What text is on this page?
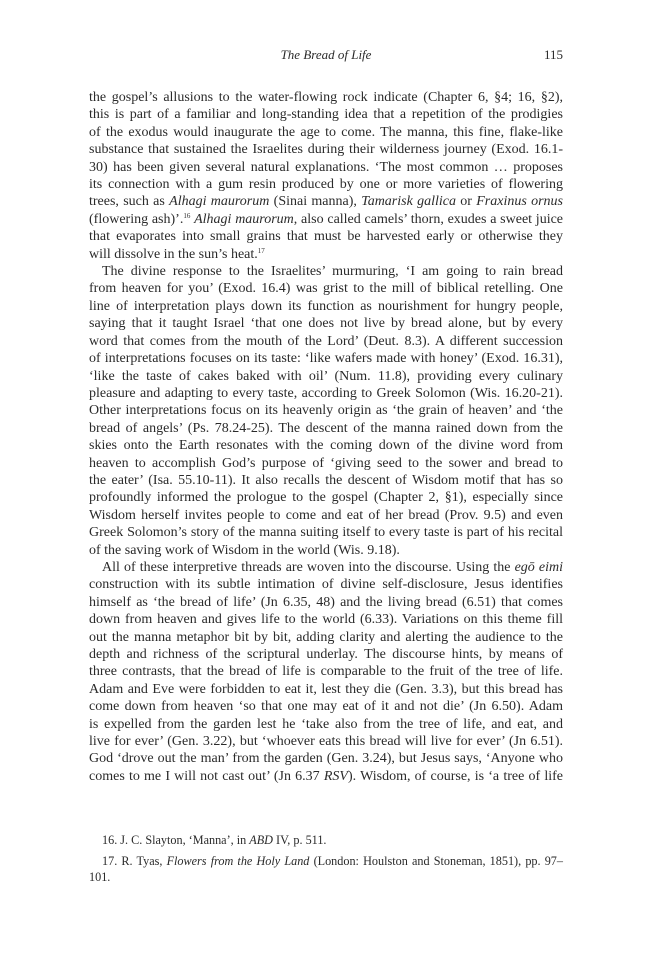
The Bread of Life	115
the gospel’s allusions to the water-flowing rock indicate (Chapter 6, §4; 16, §2),
this is part of a familiar and long-standing idea that a repetition of the prodigies
of the exodus would inaugurate the age to come. The manna, this fine, flake-like
substance that sustained the Israelites during their wilderness journey (Exod. 16.1-
30) has been given several natural explanations. ‘The most common … proposes
its connection with a gum resin produced by one or more varieties of flowering
trees, such as Alhagi maurorum (Sinai manna), Tamarisk gallica or Fraxinus ornus
(flowering ash)’.$^{16}$ Alhagi maurorum, also called camels’ thorn, exudes a sweet juice
that evaporates into small grains that must be harvested early or otherwise they
will dissolve in the sun’s heat.$^{17}$
The divine response to the Israelites’ murmuring, ‘I am going to rain bread
from heaven for you’ (Exod. 16.4) was grist to the mill of biblical retelling. One
line of interpretation plays down its function as nourishment for hungry people,
saying that it taught Israel ‘that one does not live by bread alone, but by every
word that comes from the mouth of the Lord’ (Deut. 8.3). A different succession
of interpretations focuses on its taste: ‘like wafers made with honey’ (Exod. 16.31),
‘like the taste of cakes baked with oil’ (Num. 11.8), providing every culinary
pleasure and adapting to every taste, according to Greek Solomon (Wis. 16.20-21).
Other interpretations focus on its heavenly origin as ‘the grain of heaven’ and ‘the
bread of angels’ (Ps. 78.24-25). The descent of the manna rained down from the
skies onto the Earth resonates with the coming down of the divine word from
heaven to accomplish God’s purpose of ‘giving seed to the sower and bread to
the eater’ (Isa. 55.10-11). It also recalls the descent of Wisdom motif that has so
profoundly informed the prologue to the gospel (Chapter 2, §1), especially since
Wisdom herself invites people to come and eat of her bread (Prov. 9.5) and even
Greek Solomon’s story of the manna suiting itself to every taste is part of his recital
of the saving work of Wisdom in the world (Wis. 9.18).
All of these interpretive threads are woven into the discourse. Using the egō eimi
construction with its subtle intimation of divine self-disclosure, Jesus identifies
himself as ‘the bread of life’ (Jn 6.35, 48) and the living bread (6.51) that comes
down from heaven and gives life to the world (6.33). Variations on this theme fill
out the manna metaphor bit by bit, adding clarity and alerting the audience to the
depth and richness of the scriptural underlay. The discourse hints, by means of
three contrasts, that the bread of life is comparable to the fruit of the tree of life.
Adam and Eve were forbidden to eat it, lest they die (Gen. 3.3), but this bread has
come down from heaven ‘so that one may eat of it and not die’ (Jn 6.50). Adam
is expelled from the garden lest he ‘take also from the tree of life, and eat, and
live for ever’ (Gen. 3.22), but ‘whoever eats this bread will live for ever’ (Jn 6.51).
God ‘drove out the man’ from the garden (Gen. 3.24), but Jesus says, ‘Anyone who
comes to me I will not cast out’ (Jn 6.37 RSV). Wisdom, of course, is ‘a tree of life

16. J. C. Slayton, ‘Manna’, in ABD IV, p. 511.

17. R. Tyas, Flowers from the Holy Land (London: Houlston and Stoneman, 1851), pp. 97–101.
